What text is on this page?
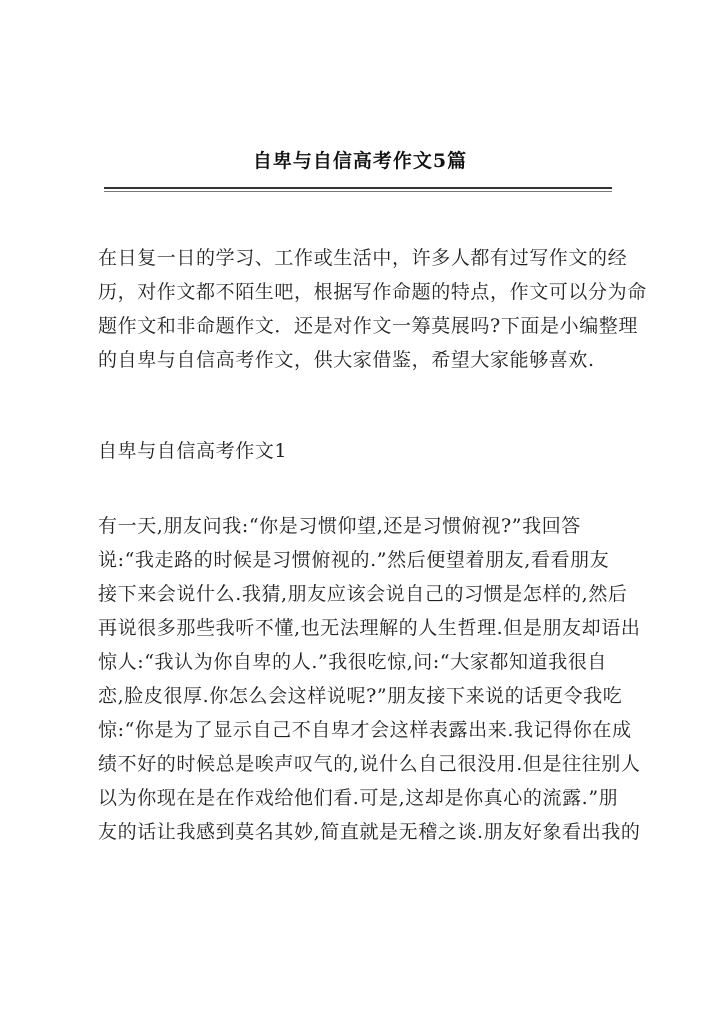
自卑与自信高考作文5篇
在日复一日的学习、工作或生活中，许多人都有过写作文的经
历，对作文都不陌生吧，根据写作命题的特点，作文可以分为命
题作文和非命题作文．还是对作文一筹莫展吗?下面是小编整理
的自卑与自信高考作文，供大家借鉴，希望大家能够喜欢.
自卑与自信高考作文1
有一天,朋友问我:“你是习惯仰望,还是习惯俯视?”我回答
说:“我走路的时候是习惯俯视的.”然后便望着朋友,看看朋友
接下来会说什么.我猜,朋友应该会说自己的习惯是怎样的,然后
再说很多那些我听不懂,也无法理解的人生哲理.但是朋友却语出
惊人:“我认为你自卑的人.”我很吃惊,问:“大家都知道我很自
恋,脸皮很厚.你怎么会这样说呢?”朋友接下来说的话更令我吃
惊:“你是为了显示自己不自卑才会这样表露出来.我记得你在成
绩不好的时候总是唉声叹气的,说什么自己很没用.但是往往别人
以为你现在是在作戏给他们看.可是,这却是你真心的流露.”朋
友的话让我感到莫名其妙,简直就是无稽之谈.朋友好象看出我的
